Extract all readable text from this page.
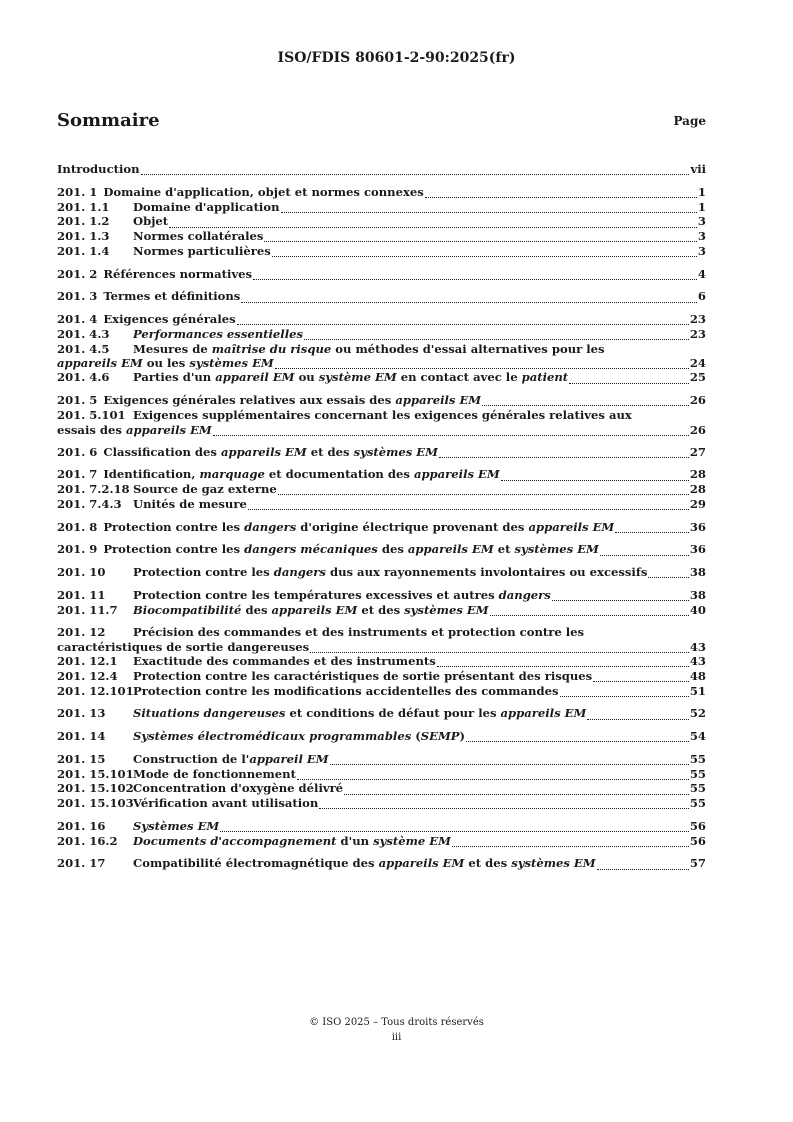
ISO/FDIS 80601-2-90:2025(fr)
Sommaire	Page
Introduction	vii
201. 1 Domaine d'application, objet et normes connexes	1
201. 1.1	Domaine d'application	1
201. 1.2	Objet	3
201. 1.3	Normes collatérales	3
201. 1.4	Normes particulières	3
201. 2 Références normatives	4
201. 3 Termes et définitions	6
201. 4 Exigences générales	23
201. 4.3	Performances essentielles	23
201. 4.5	Mesures de maîtrise du risque ou méthodes d'essai alternatives pour les
appareils EM ou les systèmes EM	24
201. 4.6	Parties d'un appareil EM ou système EM en contact avec le patient	25
201. 5 Exigences générales relatives aux essais des appareils EM	26
201. 5.101 Exigences supplémentaires concernant les exigences générales relatives aux
essais des appareils EM	26
201. 6 Classification des appareils EM et des systèmes EM	27
201. 7 Identification, marquage et documentation des appareils EM	28
201. 7.2.18 Source de gaz externe	28
201. 7.4.3 Unités de mesure	29
201. 8 Protection contre les dangers d'origine électrique provenant des appareils EM	36
201. 9 Protection contre les dangers mécaniques des appareils EM et systèmes EM	36
201. 10	Protection contre les dangers dus aux rayonnements involontaires ou excessifs	38
201. 11	Protection contre les températures excessives et autres dangers	38
201. 11.7	Biocompatibilité des appareils EM et des systèmes EM	40
201. 12	Précision des commandes et des instruments et protection contre les
caractéristiques de sortie dangereuses	43
201. 12.1	Exactitude des commandes et des instruments	43
201. 12.4	Protection contre les caractéristiques de sortie présentant des risques	48
201. 12.101 Protection contre les modifications accidentelles des commandes	51
201. 13	Situations dangereuses et conditions de défaut pour les appareils EM	52
201. 14	Systèmes électromédicaux programmables (SEMP)	54
201. 15	Construction de l'appareil EM	55
201. 15.101 Mode de fonctionnement	55
201. 15.102 Concentration d'oxygène délivré	55
201. 15.103 Vérification avant utilisation	55
201. 16	Systèmes EM	56
201. 16.2	Documents d'accompagnement d'un système EM	56
201. 17	Compatibilité électromagnétique des appareils EM et des systèmes EM	57
© ISO 2025 – Tous droits réservés
iii
